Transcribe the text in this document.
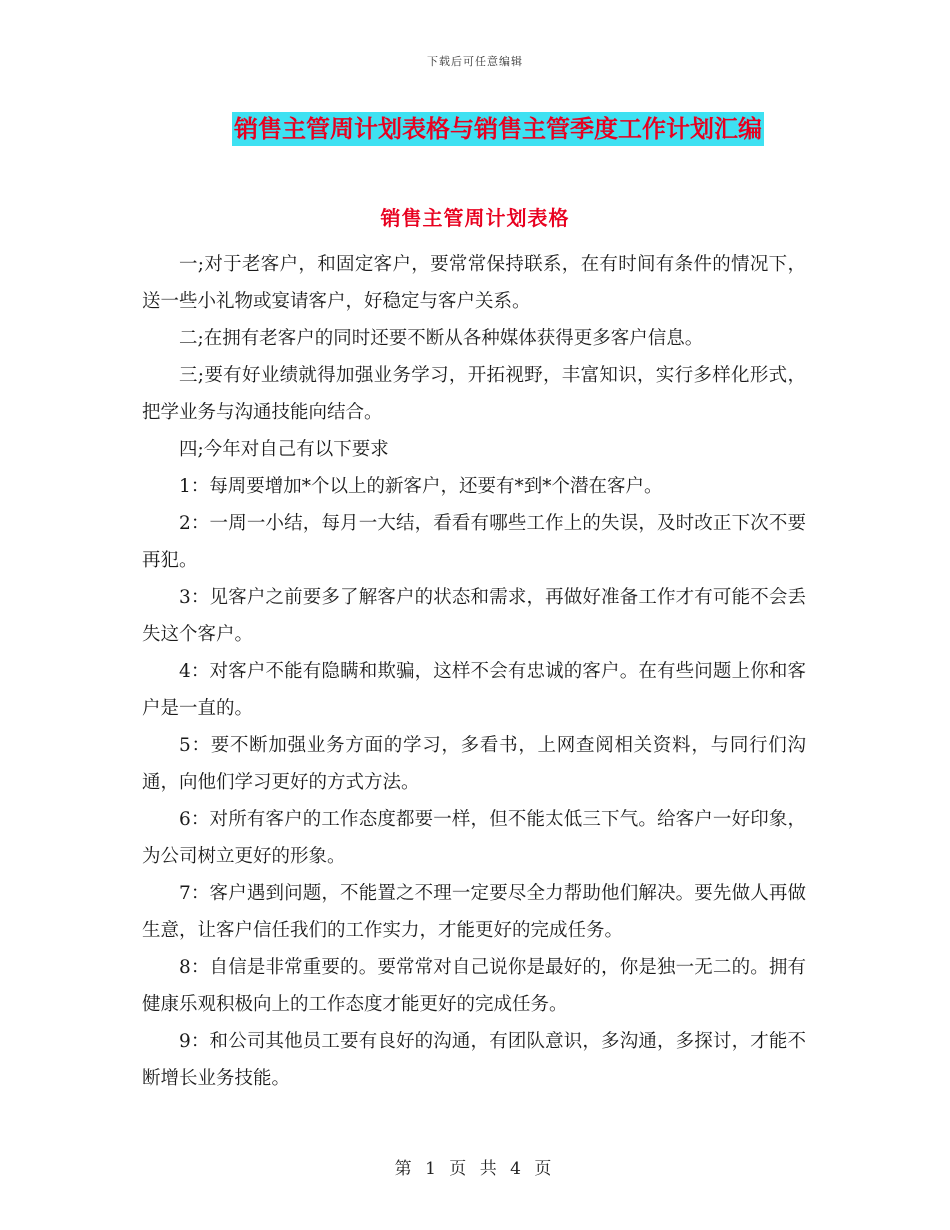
下载后可任意编辑
销售主管周计划表格与销售主管季度工作计划汇编
销售主管周计划表格

一;对于老客户，和固定客户，要常常保持联系，在有时间有条件的情况下，送一些小礼物或宴请客户，好稳定与客户关系。

二;在拥有老客户的同时还要不断从各种媒体获得更多客户信息。

三;要有好业绩就得加强业务学习，开拓视野，丰富知识，实行多样化形式，把学业务与沟通技能向结合。

四;今年对自己有以下要求

1：每周要增加*个以上的新客户，还要有*到*个潜在客户。

2：一周一小结，每月一大结，看看有哪些工作上的失误，及时改正下次不要再犯。

3：见客户之前要多了解客户的状态和需求，再做好准备工作才有可能不会丢失这个客户。

4：对客户不能有隐瞒和欺骗，这样不会有忠诚的客户。在有些问题上你和客户是一直的。

5：要不断加强业务方面的学习，多看书，上网查阅相关资料，与同行们沟通，向他们学习更好的方式方法。

6：对所有客户的工作态度都要一样，但不能太低三下气。给客户一好印象，为公司树立更好的形象。

7：客户遇到问题，不能置之不理一定要尽全力帮助他们解决。要先做人再做生意，让客户信任我们的工作实力，才能更好的完成任务。

8：自信是非常重要的。要常常对自己说你是最好的，你是独一无二的。拥有健康乐观积极向上的工作态度才能更好的完成任务。

9：和公司其他员工要有良好的沟通，有团队意识，多沟通，多探讨，才能不断增长业务技能。

第 1 页 共 4 页
